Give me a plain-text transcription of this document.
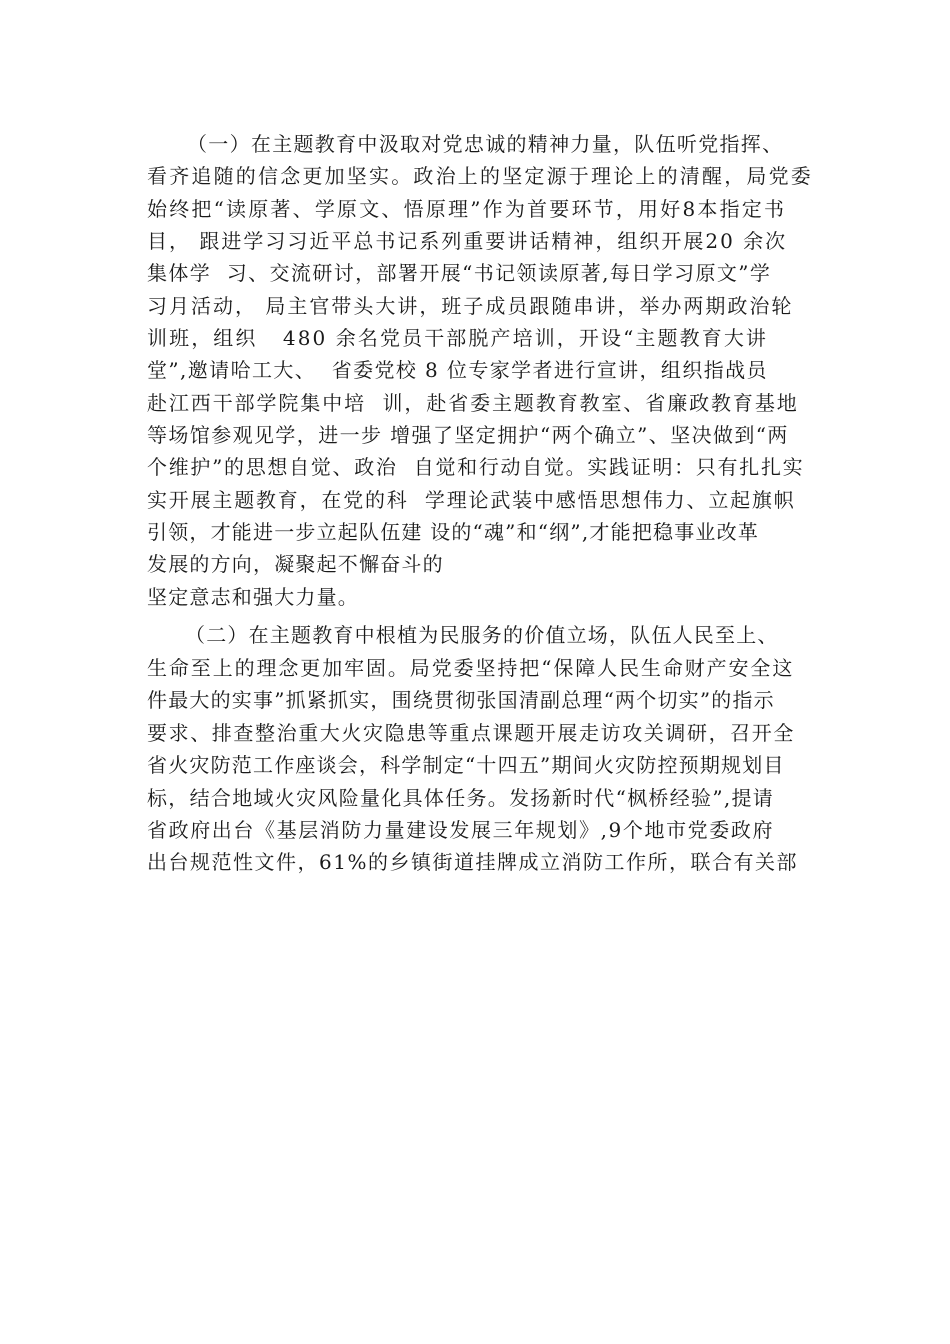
（一）在主题教育中汲取对党忠诚的精神力量，队伍听党指挥、
看齐追随的信念更加坚实。政治上的坚定源于理论上的清醒，局党委
始终把“读原著、学原文、悟原理”作为首要环节，用好8本指定书
目， 跟进学习习近平总书记系列重要讲话精神，组织开展20 余次
集体学  习、交流研讨，部署开展“书记领读原著,每日学习原文”学
习月活动， 局主官带头大讲，班子成员跟随串讲，举办两期政治轮
训班，组织   480 余名党员干部脱产培训，开设“主题教育大讲
堂”,邀请哈工大、  省委党校 8 位专家学者进行宣讲，组织指战员
赴江西干部学院集中培  训，赴省委主题教育教室、省廉政教育基地
等场馆参观见学，进一步 增强了坚定拥护“两个确立”、坚决做到“两
个维护”的思想自觉、政治  自觉和行动自觉。实践证明：只有扎扎实
实开展主题教育，在党的科  学理论武装中感悟思想伟力、立起旗帜
引领，才能进一步立起队伍建 设的“魂”和“纲”,才能把稳事业改革
发展的方向，凝聚起不懈奋斗的
坚定意志和强大力量。
（二）在主题教育中根植为民服务的价值立场，队伍人民至上、
生命至上的理念更加牢固。局党委坚持把“保障人民生命财产安全这
件最大的实事”抓紧抓实，围绕贯彻张国清副总理“两个切实”的指示
要求、排查整治重大火灾隐患等重点课题开展走访攻关调研，召开全
省火灾防范工作座谈会，科学制定“十四五”期间火灾防控预期规划目
标，结合地域火灾风险量化具体任务。发扬新时代“枫桥经验”,提请
省政府出台《基层消防力量建设发展三年规划》,9个地市党委政府
出台规范性文件，61%的乡镇街道挂牌成立消防工作所，联合有关部
